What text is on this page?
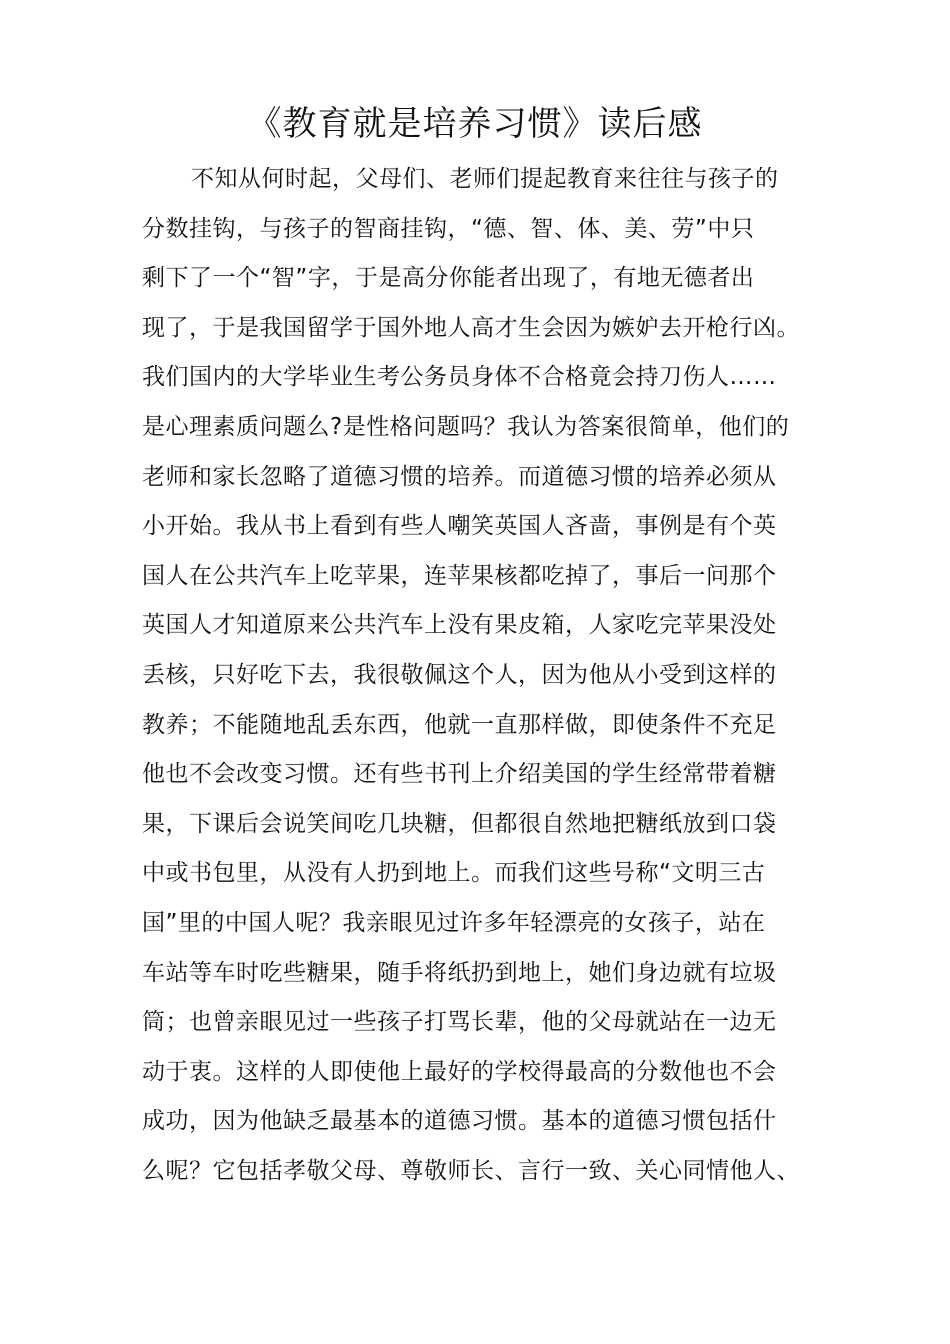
《教育就是培养习惯》读后感
不知从何时起，父母们、老师们提起教育来往往与孩子的
分数挂钩，与孩子的智商挂钩，“德、智、体、美、劳”中只
剩下了一个“智”字，于是高分你能者出现了，有地无德者出
现了，于是我国留学于国外地人高才生会因为嫉妒去开枪行凶。
我们国内的大学毕业生考公务员身体不合格竟会持刀伤人……
是心理素质问题么?是性格问题吗？我认为答案很简单，他们的
老师和家长忽略了道德习惯的培养。而道德习惯的培养必须从
小开始。我从书上看到有些人嘲笑英国人吝啬，事例是有个英
国人在公共汽车上吃苹果，连苹果核都吃掉了，事后一问那个
英国人才知道原来公共汽车上没有果皮箱，人家吃完苹果没处
丢核，只好吃下去，我很敬佩这个人，因为他从小受到这样的
教养；不能随地乱丢东西，他就一直那样做，即使条件不充足
他也不会改变习惯。还有些书刊上介绍美国的学生经常带着糖
果，下课后会说笑间吃几块糖，但都很自然地把糖纸放到口袋
中或书包里，从没有人扔到地上。而我们这些号称“文明三古
国”里的中国人呢？我亲眼见过许多年轻漂亮的女孩子，站在
车站等车时吃些糖果，随手将纸扔到地上，她们身边就有垃圾
筒；也曾亲眼见过一些孩子打骂长辈，他的父母就站在一边无
动于衷。这样的人即使他上最好的学校得最高的分数他也不会
成功，因为他缺乏最基本的道德习惯。基本的道德习惯包括什
么呢？它包括孝敬父母、尊敬师长、言行一致、关心同情他人、
